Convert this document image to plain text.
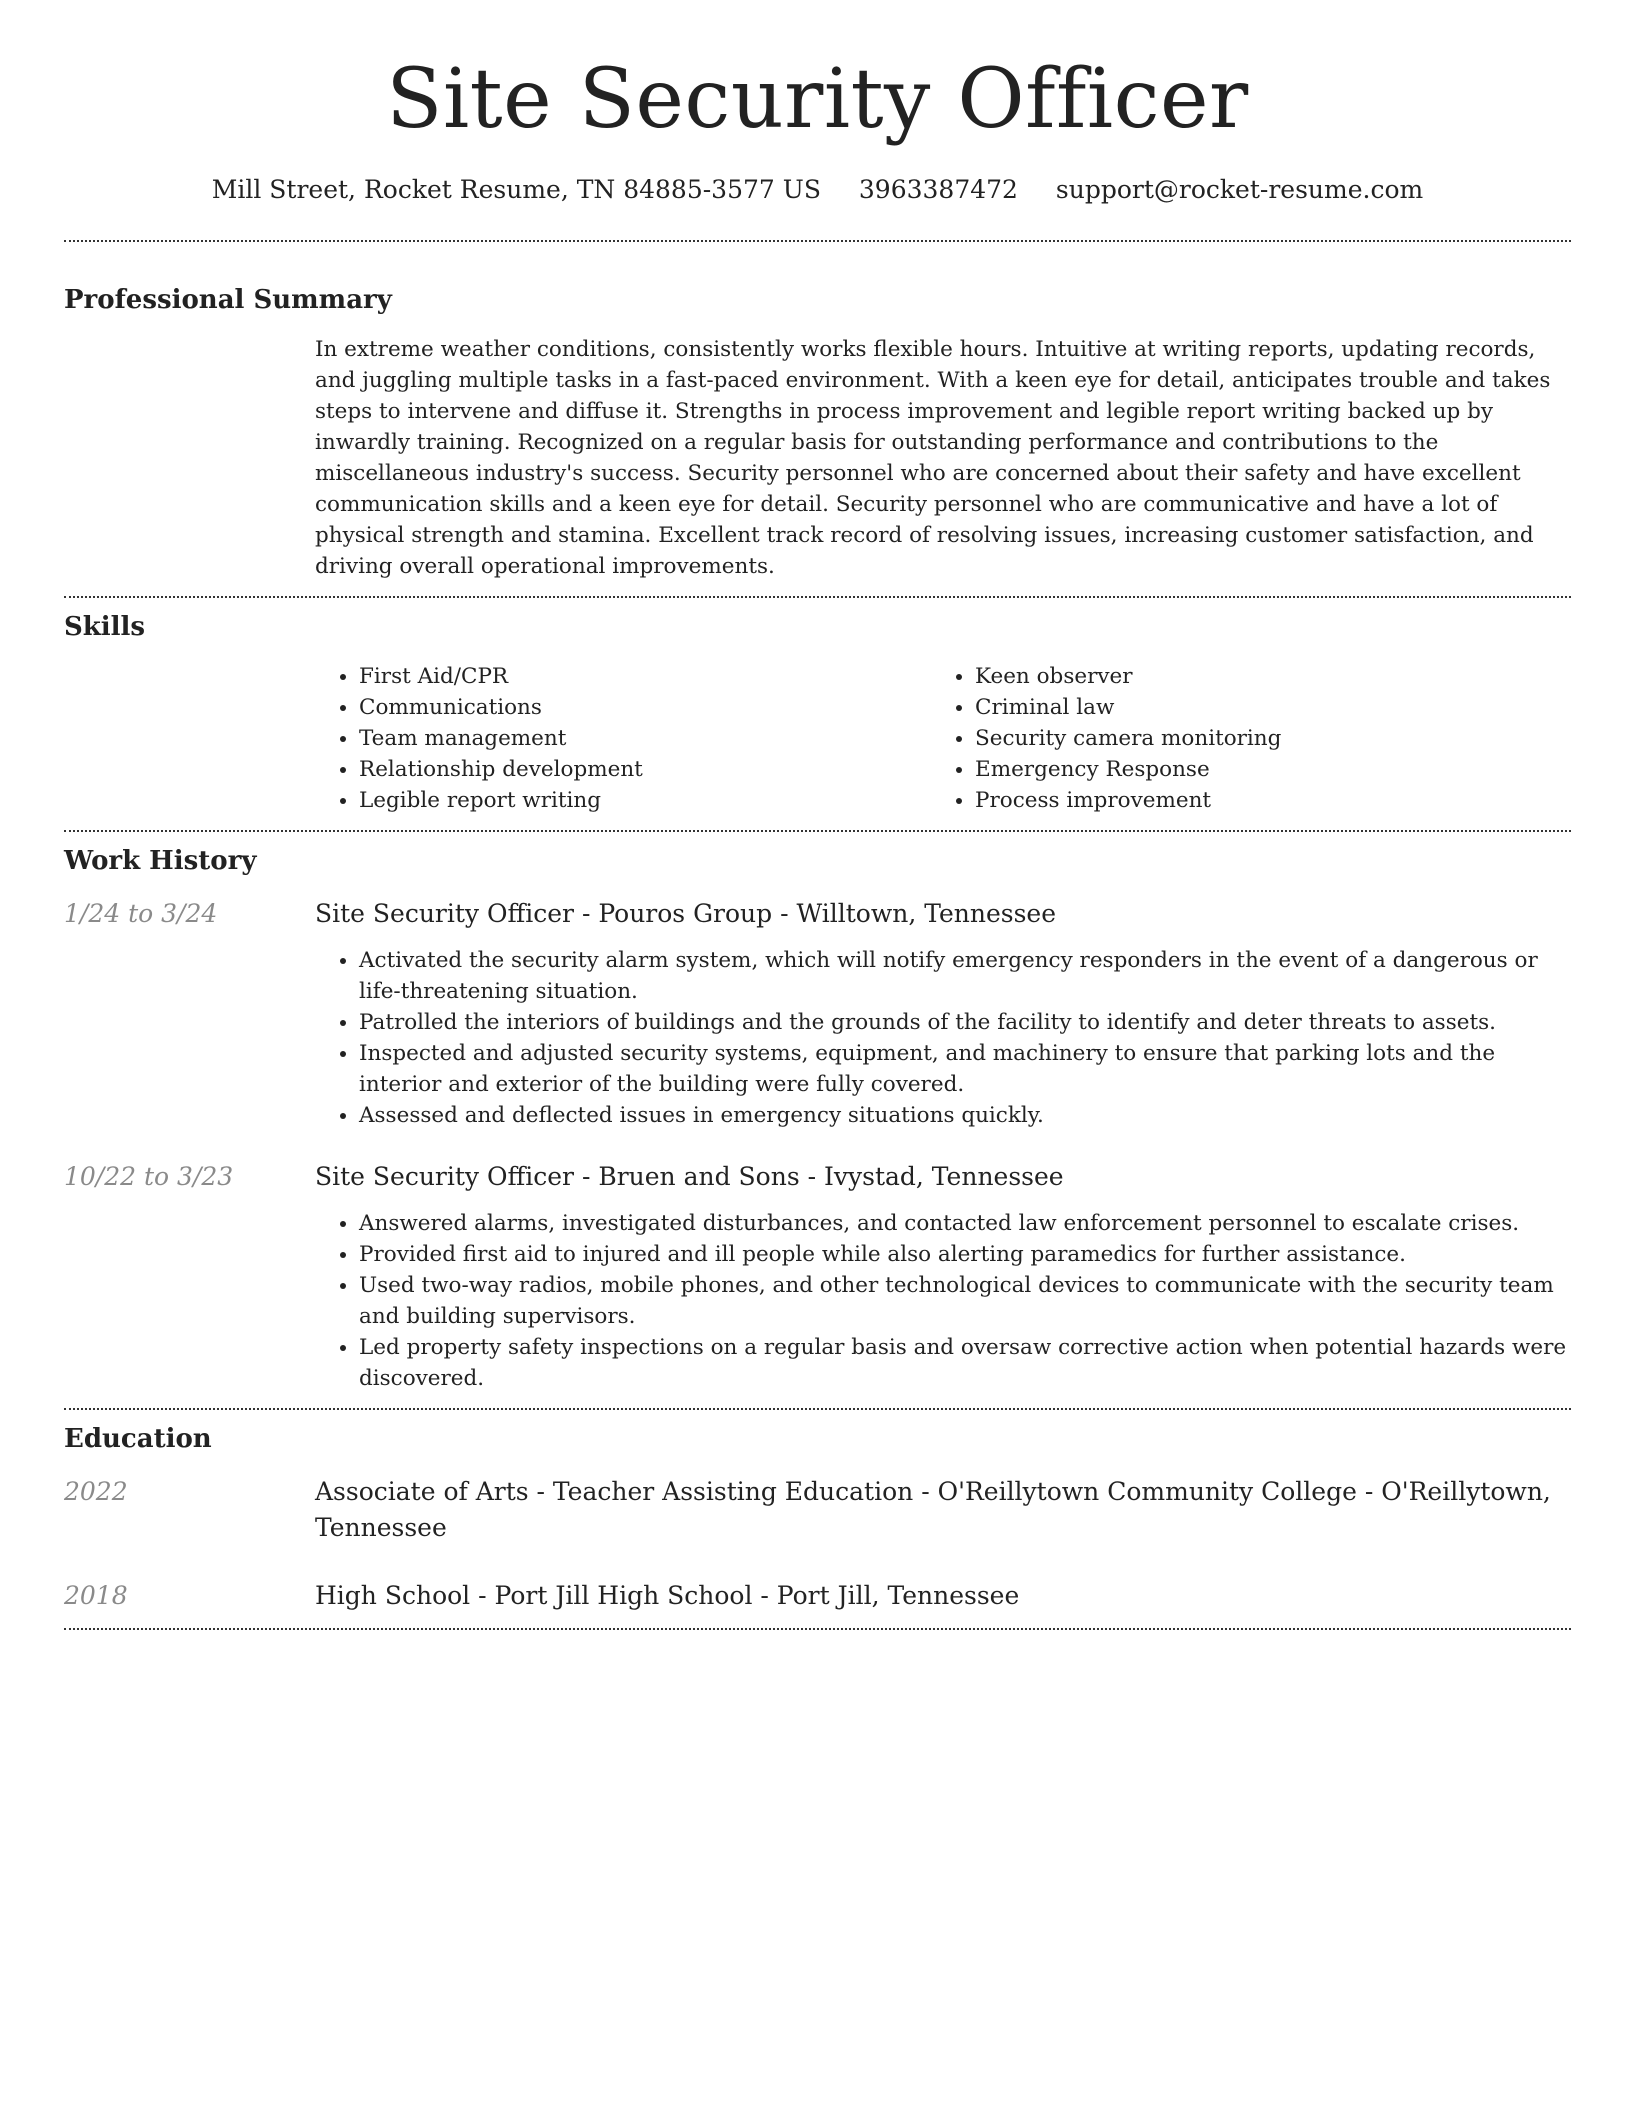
Site Security Officer
Mill Street, Rocket Resume, TN 84885-3577 US 3963387472 support@rocket-resume.com
Professional Summary
In extreme weather conditions, consistently works flexible hours. Intuitive at writing reports, updating records, and juggling multiple tasks in a fast-paced environment. With a keen eye for detail, anticipates trouble and takes steps to intervene and diffuse it. Strengths in process improvement and legible report writing backed up by inwardly training. Recognized on a regular basis for outstanding performance and contributions to the miscellaneous industry's success. Security personnel who are concerned about their safety and have excellent communication skills and a keen eye for detail. Security personnel who are communicative and have a lot of physical strength and stamina. Excellent track record of resolving issues, increasing customer satisfaction, and driving overall operational improvements.
Skills
• First Aid/CPR
• Communications
• Team management
• Relationship development
• Legible report writing
• Keen observer
• Criminal law
• Security camera monitoring
• Emergency Response
• Process improvement
Work History
1/24 to 3/24	Site Security Officer - Pouros Group - Willtown, Tennessee
• Activated the security alarm system, which will notify emergency responders in the event of a dangerous or life-threatening situation.
• Patrolled the interiors of buildings and the grounds of the facility to identify and deter threats to assets.
• Inspected and adjusted security systems, equipment, and machinery to ensure that parking lots and the interior and exterior of the building were fully covered.
• Assessed and deflected issues in emergency situations quickly.
10/22 to 3/23	Site Security Officer - Bruen and Sons - Ivystad, Tennessee
• Answered alarms, investigated disturbances, and contacted law enforcement personnel to escalate crises.
• Provided first aid to injured and ill people while also alerting paramedics for further assistance.
• Used two-way radios, mobile phones, and other technological devices to communicate with the security team and building supervisors.
• Led property safety inspections on a regular basis and oversaw corrective action when potential hazards were discovered.
Education
2022	Associate of Arts - Teacher Assisting Education - O'Reillytown Community College - O'Reillytown, Tennessee
2018	High School - Port Jill High School - Port Jill, Tennessee
